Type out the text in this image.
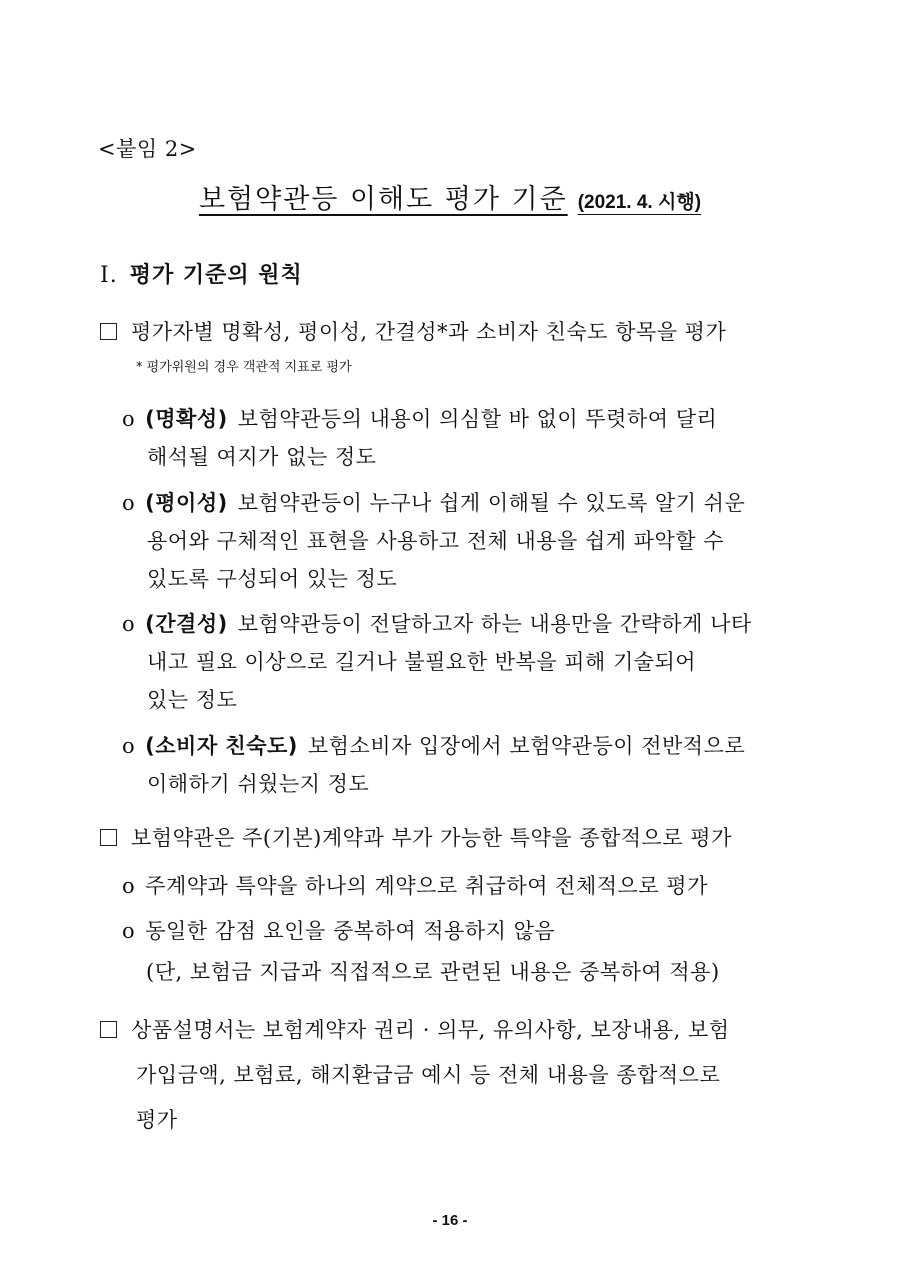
<붙임 2>
보험약관등 이해도 평가 기준 (2021. 4. 시행)
Ⅰ. 평가 기준의 원칙
평가자별 명확성, 평이성, 간결성*과 소비자 친숙도 항목을 평가
* 평가위원의 경우 객관적 지표로 평가
o (명확성) 보험약관등의 내용이 의심할 바 없이 뚜렷하여 달리
해석될 여지가 없는 정도
o (평이성) 보험약관등이 누구나 쉽게 이해될 수 있도록 알기 쉬운
용어와 구체적인 표현을 사용하고 전체 내용을 쉽게 파악할 수
있도록 구성되어 있는 정도
o (간결성) 보험약관등이 전달하고자 하는 내용만을 간략하게 나타
내고 필요 이상으로 길거나 불필요한 반복을 피해 기술되어
있는 정도
o (소비자 친숙도) 보험소비자 입장에서 보험약관등이 전반적으로
이해하기 쉬웠는지 정도
보험약관은 주(기본)계약과 부가 가능한 특약을 종합적으로 평가
o 주계약과 특약을 하나의 계약으로 취급하여 전체적으로 평가
o 동일한 감점 요인을 중복하여 적용하지 않음
(단, 보험금 지급과 직접적으로 관련된 내용은 중복하여 적용)
상품설명서는 보험계약자 권리 · 의무, 유의사항, 보장내용, 보험
가입금액, 보험료, 해지환급금 예시 등 전체 내용을 종합적으로
평가
- 16 -
